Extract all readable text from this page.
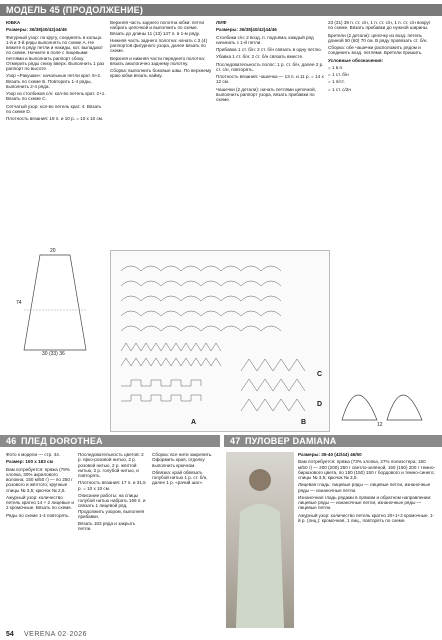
МОДЕЛЬ 45 (ПРОДОЛЖЕНИЕ)

ЮБКА

Размеры: 36/38(40/42)44/46

Фигурный узор: по кругу, соединять в кольцо. 1-й и 3-й ряды выполнять по схеме А. Не вяжите в ряду петли и накиды, кот. выпадают по схеме. Начните в поле с лицевыми петлями и выполнить раппорт сбоку. Отмерить ряды снизу вверх. Выполнить 1 раз раппорт по высоте.

Узор «Ракушки»: начальные петли крат. 5+2. Вязать по схеме Б. Повторить 1-4 ряды, выполнить 2-4 ряда.

Узор из столбиков с/н: кол-во петель крат. 2+1. Вязать по схеме С.

Сетчатый узор: кол-во петель крат. 4. Вязать по схеме D.

Плотность вязания: 18 п. и 10 р. = 10 х 10 см.

Верхняя часть заднего полотна юбки: петли набрать цепочкой и выполнить по схеме. Вязать до длины 11 (13) 147 п. в 1-м ряду.

Нижняя часть заднего полотна: начать с 3 (4) раппортов фигурного узора, далее вязать по схеме.

Верхняя и нижняя части переднего полотна: вязать аналогично заднему полотну.

Сборка: выполнить боковые швы. По верхнему краю юбки вязать кайму.

ЛИФ

Размеры: 36/38(40/42)44/46

Столбики с/н: 2 возд. п. подъёма, каждый ряд начинать с 1-й петли.

Прибавка 1 ст. б/н: 2 ст. б/н связать в одну петлю.

Убавка 1 ст. б/н: 2 ст. б/н связать вместе.

Последовательность полос: 1 р. ст. б/н, далее 2 р. ст. с/н, повторять.

Плотность вязания: чашечка — 13 п. и 11 р. = 14 х 12 см.

Чашечки (2 детали): начать петлями цепочкой, выполнить раппорт узора, вязать прибавки по схеме.

23 (31) 39 п. ст. с/н, 1 п. ст. с/н, 1 п. ст. с/н вокруг по схеме. Вязать прибавки до нужной ширины.

Бретели (2 детали): цепочку из возд. петель длиной 50 (60) 70 см. В ряду провязать ст. б/н.

Сборка: обе чашечки расположить рядом и соединить возд. петлями. Бретели пришить.

Условные обозначения:

= 1 в.п.

= 1 ст. б/н

= 1 п/ст.

= 1 ст. с/2н

30 (33) 36
74
20
A	B
C
D
12
46 ПЛЕД DOROTHEA	47 ПУЛОВЕР DAMIANA

Фото к модели — стр. 44.

Размер: 100 х 183 см

Вам потребуется: пряжа (78% хлопка, 30% акрилового волокна; 150 м/50 г) — по 250 г розового и жёлтого; крупные спицы № 3,5; крючок № 2,5.

Ажурный узор: количество петель кратно 14 + 2 лицевые и 2 кромочные. Вязать по схеме.

Ряды по схеме 1-4 повторять.

Последовательность цветов: 2 р. ярко-розовой нитью, 2 р. розовой нитью, 2 р. жёлтой нитью, 2 р. голубой нитью, и повторять.

Плотность вязания: 17 п. и 31,5 р. = 10 х 10 см.

Описание работы: на спицы голубой нитью набрать 169 п. и связать 1 лицевой ряд. Продолжить узором, выполняя прибавки.

Вязать 183 ряда и закрыть петли.

Сборка: все нити закрепить. Оформить края, отделку выполнить крючком.

Обвязка: край обвязать голубой нитью 1 р. ст. б/н, далее 1 р. «рачий шаг».

Размеры: 36-40 (42/44) 46/50

Вам потребуется: пряжа (73% хлопка, 27% полиэстера; 150 м/50 г) — 200 (200) 250 г светло-зелёной, 150 (150) 200 г темно-бирюзового цвета, по 150 (150) 150 г бордового и темно-синего; спицы № 3,5; крючок № 3,5.

Лицевая гладь: лицевые ряды — лицевые петли, изнаночные ряды — изнаночные петли.

Изнаночная гладь рядами в прямом и обратном направлении: лицевые ряды — изнаночные петли, изнаночные ряды — лицевые петли.

Ажурный узор: количество петель кратно 20+1+2 кромочные. 1-й р. (лиц.): кромочная, 1 лиц., повторять по схеме.

54 VERENA 02·2026
